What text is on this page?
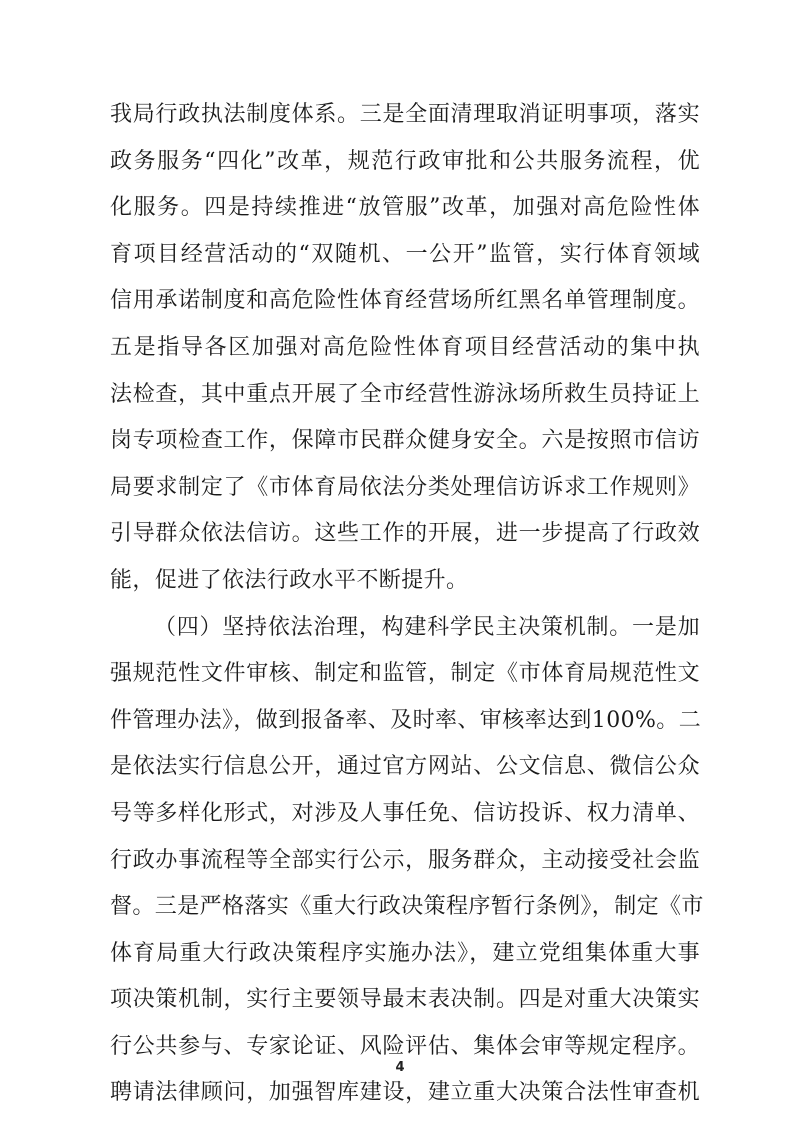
我局行政执法制度体系。三是全面清理取消证明事项，落实
政务服务“四化”改革，规范行政审批和公共服务流程，优
化服务。四是持续推进“放管服”改革，加强对高危险性体
育项目经营活动的“双随机、一公开”监管，实行体育领域
信用承诺制度和高危险性体育经营场所红黑名单管理制度。
五是指导各区加强对高危险性体育项目经营活动的集中执
法检查，其中重点开展了全市经营性游泳场所救生员持证上
岗专项检查工作，保障市民群众健身安全。六是按照市信访
局要求制定了《市体育局依法分类处理信访诉求工作规则》
引导群众依法信访。这些工作的开展，进一步提高了行政效
能，促进了依法行政水平不断提升。
（四）坚持依法治理，构建科学民主决策机制。一是加
强规范性文件审核、制定和监管，制定《市体育局规范性文
件管理办法》，做到报备率、及时率、审核率达到100%。二
是依法实行信息公开，通过官方网站、公文信息、微信公众
号等多样化形式，对涉及人事任免、信访投诉、权力清单、
行政办事流程等全部实行公示，服务群众，主动接受社会监
督。三是严格落实《重大行政决策程序暂行条例》，制定《市
体育局重大行政决策程序实施办法》，建立党组集体重大事
项决策机制，实行主要领导最末表决制。四是对重大决策实
行公共参与、专家论证、风险评估、集体会审等规定程序。
聘请法律顾问，加强智库建设，建立重大决策合法性审查机
4
